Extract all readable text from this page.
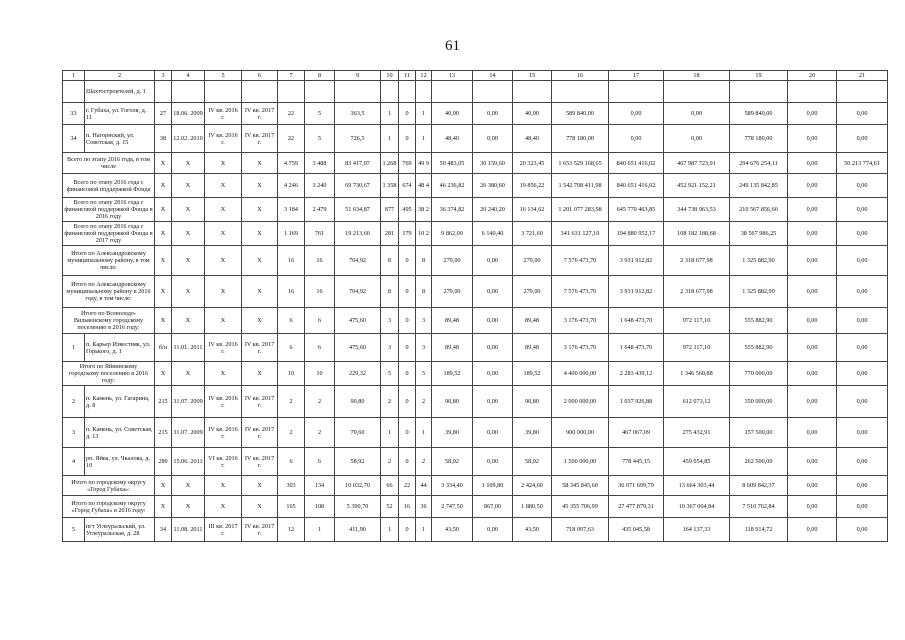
61
1	2	3	4	5	6	7	8	9	10	11	12	13	14	15	16	17	18	19	20	21
	Шахтостроителей, д. 1																			
33	г. Губаха, ул. Гоголя, д. 11	27	18.06. 2009	IV кв. 2016 г.	IV кв. 2017 г.	22	5	363,5	1	0	1	40,00	0,00	40,00	589 840,00	0,00	0,00	589 840,00	0,00	0,00
34	п. Нагорнский, ул. Советская, д. 15	38	12.02. 2010	IV кв. 2016 г.	IV кв. 2017 г.	22	5	726,5	1	0	1	48,40	0,00	48,40	778 180,00	0,00	0,00	778 180,00	0,00	0,00
Всего по этапу 2016 года, в том числе		X	X	X	X	4 759	3 488	83 417,07	1 268	769	49 9	50 483,05	30 159,60	20 323,45	1 653 529 168,65	840 651 416,02	467 987 723,91	294 676 254,11	0,00	50 213 774,61
Всего по этапу 2016 года с финансовой поддержкой Фонда		X	X	X	X	4 246	3 240	69 730,67	1 358	674	48 4	46 236,82	26 380,60	19 856,22	1 542 708 411,08	840 651 416,02	452 921 152,21	249 135 842,85	0,00	0,00
Всего по этапу 2016 года с финансовой поддержкой Фонда в 2016 году		X	X	X	X	3 184	2 479	51 634,87	877	495	38 2	36 374,82	20 240,20	16 134,62	1 201 077 283,98	645 770 463,85	344 738 963,53	210 567 856,60	0,00	0,00
Всего по этапу 2016 года с финансовой поддержкой Фонда в 2017 году		X	X	X	X	1 169	761	19 213,60	281	179	10 2	9 862,00	6 140,40	3 721,60	341 631 127,10	194 880 952,17	108 182 188,68	38 567 986,25	0,00	0,00
Итого по Александровскому муниципальному району, в том числе:		X	X	X	X	16	16	704,92	8	0	8	279,00	0,00	279,00	7 576 473,70	3 931 912,82	2 318 677,98	1 325 882,90	0,00	0,00
Итого по Александровскому муниципальному району в 2016 году, в том числе:		X	X	X	X	16	16	704,92	8	0	8	279,00	0,00	279,00	7 576 473,70	3 931 912,82	2 318 677,98	1 325 882,90	0,00	0,00
Итого по Всеволодо-Вильвенскому городскому поселению в 2016 году:		X	X	X	X	6	6	475,60	3	0	3	89,48	0,00	89,48	3 176 473,70	1 648 473,70	972 117,10	555 882,90	0,00	0,00
1	п. Карьер Известняк, ул. Горького, д. 1	б/н	11.01. 2011	IV кв. 2016 г.	IV кв. 2017 г.	6	6	475,60	3	0	3	89,48	0,00	89,48	3 176 473,70	1 648 473,70	972 117,10	555 882,90	0,00	0,00
Итого по Яйвинскому городскому поселению в 2016 году:		X	X	X	X	10	10	229,32	5	0	5	189,52	0,00	189,52	4 400 000,00	2 283 439,12	1 346 560,88	770 000,00	0,00	0,00
2	п. Камень, ул. Гагарина, д. 8	215	31.07. 2009	IV кв. 2016 г.	IV кв. 2017 г.	2	2	90,80	2	0	2	90,80	0,00	90,80	2 000 000,00	1 037 926,88	612 073,12	350 000,00	0,00	0,00
3	п. Камень, ул. Советская, д. 13	215	31.07. 2009	IV кв. 2016 г.	IV кв. 2017 г.	2	2	79,60	1	0	1	39,80	0,00	39,80	900 000,00	467 067,09	275 432,91	157 500,00	0,00	0,00
4	рп. Яйва, ул. Чкалова, д. 10	289	15.06. 2011	VI кв. 2016 г.	IV кв. 2017 г.	6	6	58,92	2	0	2	58,92	0,00	58,92	1 500 000,00	778 445,15	459 054,85	262 500,00	0,00	0,00
Итого по городскому округу «Город Губаха»:		X	X	X	X	303	134	10 032,70	66	22	44	3 334,40	1 109,80	2 424,60	58 345 845,60	36 071 699,79	13 664 303,44	8 609 842,37	0,00	0,00
Итого по городскому округу «Город Губаха» в 2016 году:		X	X	X	X	165	108	5 390,70	52	16	36	2 747,50	867,00	1 880,50	45 355 706,99	27 477 879,31	10 367 064,84	7 510 762,84	0,00	0,00
5	пгт Углеуральский, ул. Углеуральская, д. 28	34	11.08. 2011	III кв. 2017 г.	IV кв. 2017 г.	12	1	411,90	1	0	1	43,50	0,00	43,50	718 097,63	435 045,58	164 137,33	118 914,72	0,00	0,00
